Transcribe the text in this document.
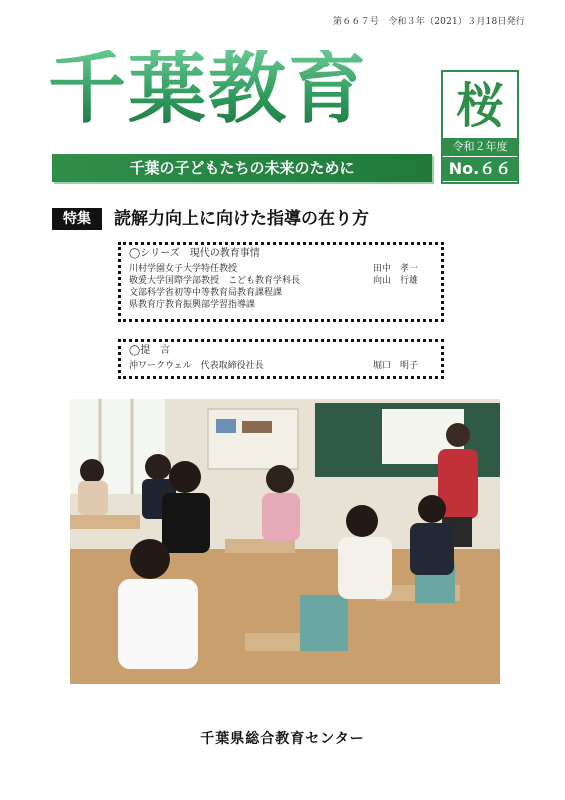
第６６７号　令和３年（2021）３月18日発行
千葉教育
千葉の子どもたちの未来のために
桜
令和２年度
No.６６７
特集	読解力向上に向けた指導の在り方
◯シリーズ　現代の教育事情
川村学園女子大学特任教授	田中　孝一
敬愛大学国際学部教授　こども教育学科長	向山　行雄
文部科学省初等中等教育局教育課程課
県教育庁教育振興部学習指導課
◯提　言
沖ワークウェル　代表取締役社長	堀口　明子
千葉県総合教育センター
